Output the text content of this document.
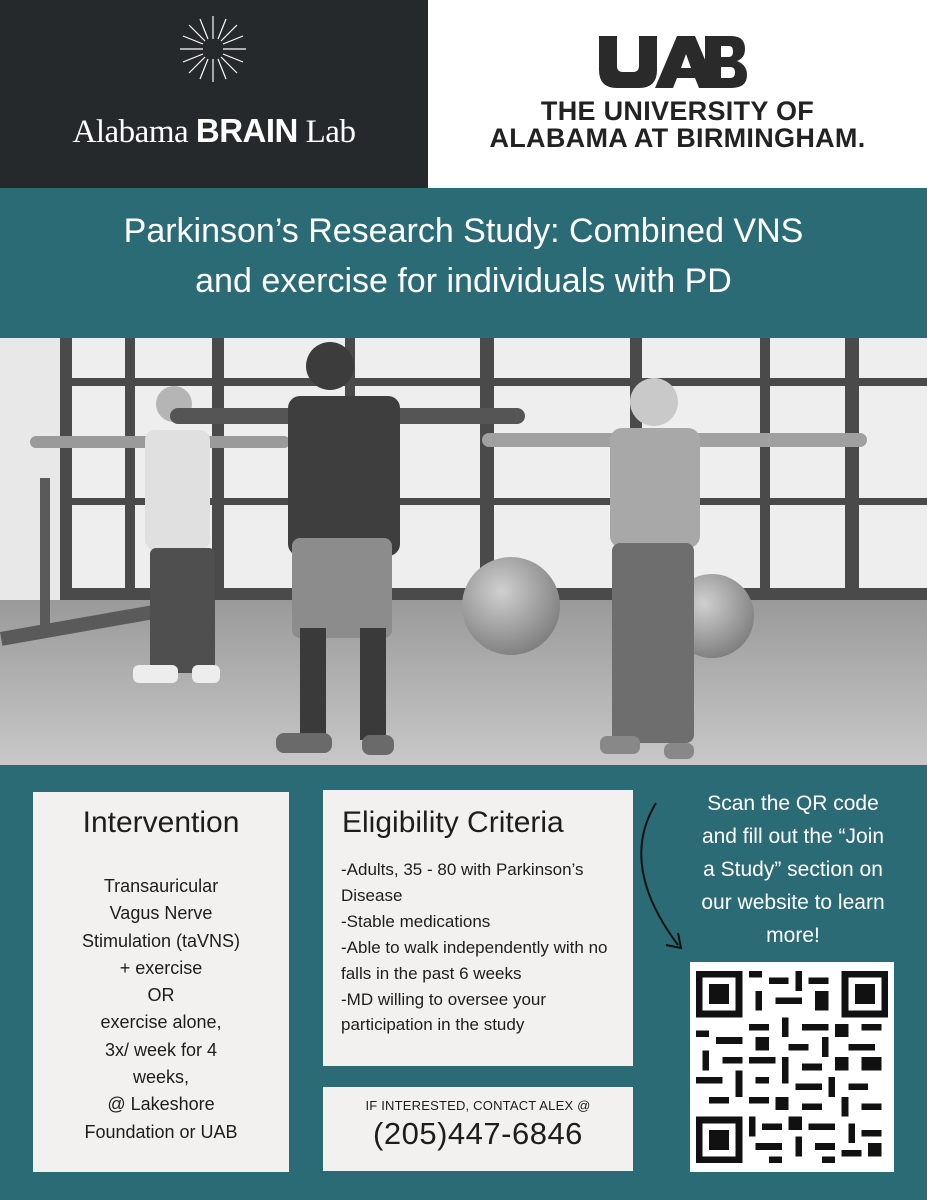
Alabama BRAIN Lab
THE UNIVERSITY OF
ALABAMA AT BIRMINGHAM.
Parkinson’s Research Study: Combined VNS
and exercise for individuals with PD
Intervention
Transauricular
Vagus Nerve
Stimulation (taVNS)
+ exercise
OR
exercise alone,
3x/ week for 4
weeks,
@ Lakeshore
Foundation or UAB
Eligibility Criteria
-Adults, 35 - 80 with Parkinson’s Disease
-Stable medications
-Able to walk independently with no falls in the past 6 weeks
-MD willing to oversee your participation in the study
IF INTERESTED, CONTACT ALEX @
(205)447-6846
Scan the QR code
and fill out the “Join
a Study” section on
our website to learn
more!
